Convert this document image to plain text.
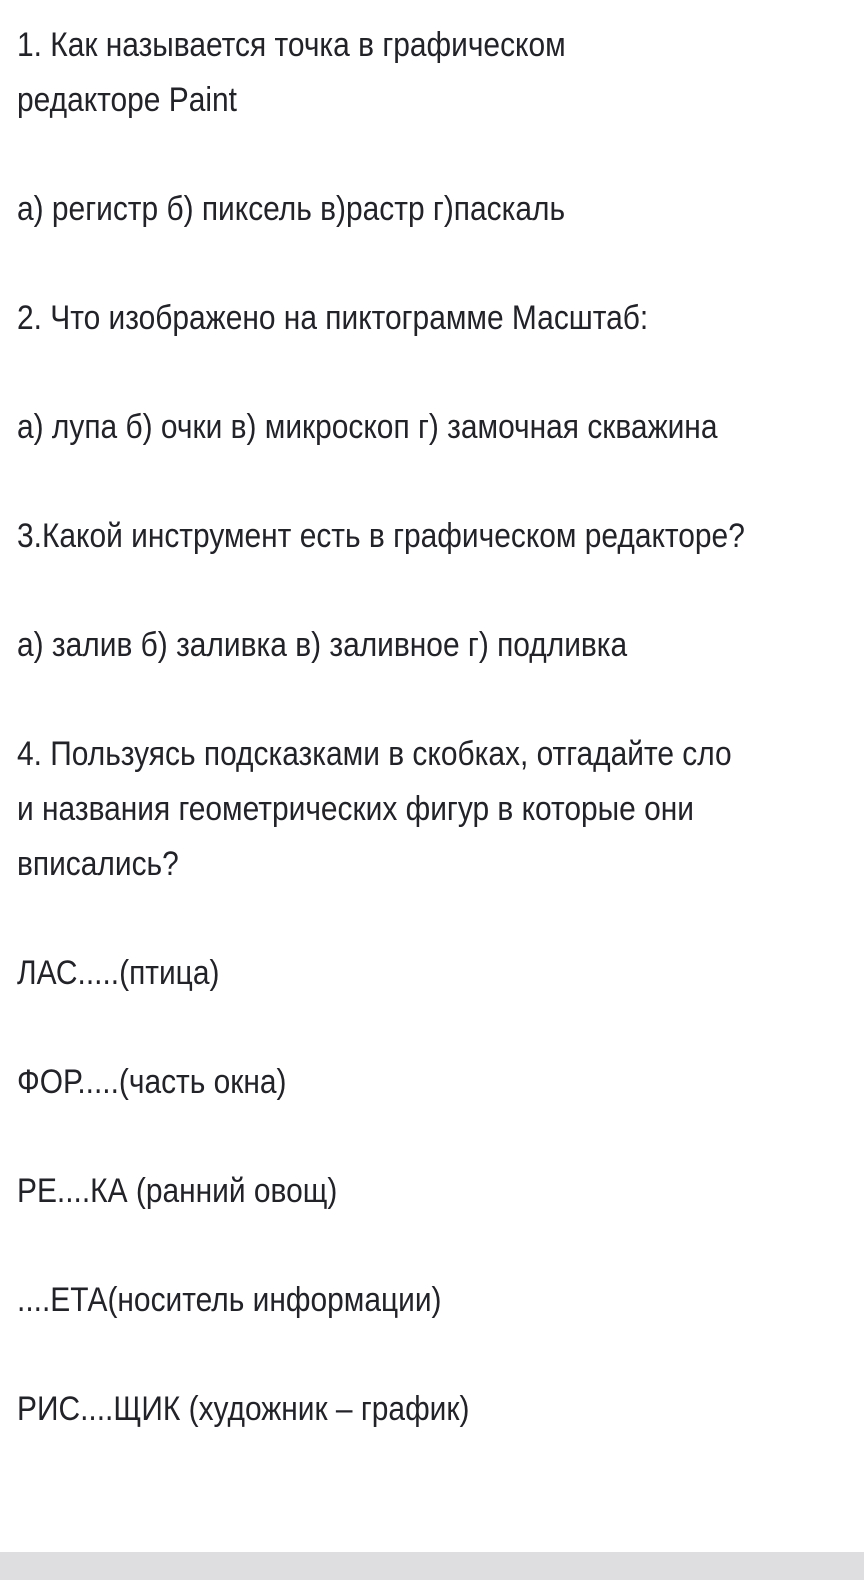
1. Как называется точка в графическом
редакторе Paint
а) регистр б) пиксель в)растр г)паскаль
2. Что изображено на пиктограмме Масштаб:
а) лупа б) очки в) микроскоп г) замочная скважина
3.Какой инструмент есть в графическом редакторе?
а) залив б) заливка в) заливное г) подливка
4. Пользуясь подсказками в скобках, отгадайте сло
и названия геометрических фигур в которые они
вписались?
ЛАС.....(птица)
ФОР.....(часть окна)
РЕ....КА (ранний овощ)
....ЕТА(носитель информации)
РИС....ЩИК (художник – график)
